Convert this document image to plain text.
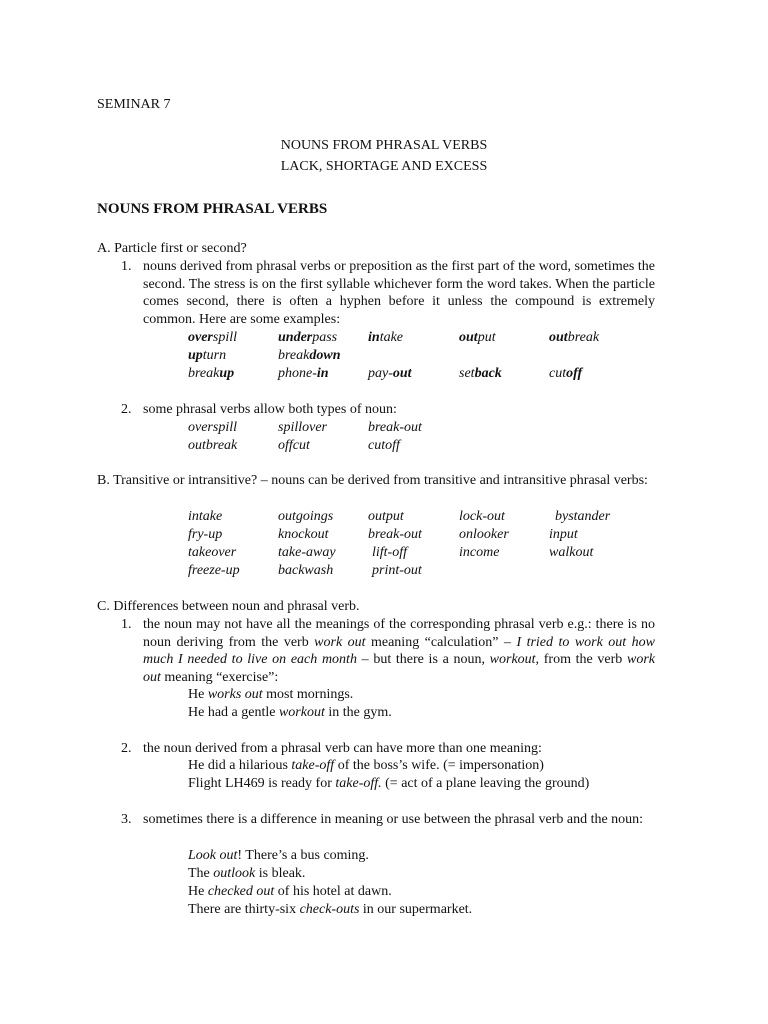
SEMINAR 7
NOUNS FROM PHRASAL VERBS
LACK, SHORTAGE AND EXCESS
NOUNS FROM PHRASAL VERBS
A. Particle first or second?
1. nouns derived from phrasal verbs or preposition as the first part of the word, sometimes the second. The stress is on the first syllable whichever form the word takes. When the particle comes second, there is often a hyphen before it unless the compound is extremely common. Here are some examples:
overspill	underpass intake	output	outbreak
upturn	breakdown
breakup	phone-in	pay-out	setback	cutoff
2. some phrasal verbs allow both types of noun:
overspill	spillover	break-out
outbreak	offcut	cutoff
B. Transitive or intransitive? – nouns can be derived from transitive and intransitive phrasal verbs:
intake	outgoings output	lock-out	bystander
fry-up	knockout	break-out	onlooker	input
takeover	take-away	lift-off	income	walkout
freeze-up	backwash	print-out
C. Differences between noun and phrasal verb.
1. the noun may not have all the meanings of the corresponding phrasal verb e.g.: there is no noun deriving from the verb work out meaning “calculation” – I tried to work out how much I needed to live on each month – but there is a noun, workout, from the verb work out meaning “exercise”:
He works out most mornings.
He had a gentle workout in the gym.
2. the noun derived from a phrasal verb can have more than one meaning:
He did a hilarious take-off of the boss’s wife. (= impersonation)
Flight LH469 is ready for take-off. (= act of a plane leaving the ground)
3. sometimes there is a difference in meaning or use between the phrasal verb and the noun:
Look out! There’s a bus coming.
The outlook is bleak.
He checked out of his hotel at dawn.
There are thirty-six check-outs in our supermarket.
